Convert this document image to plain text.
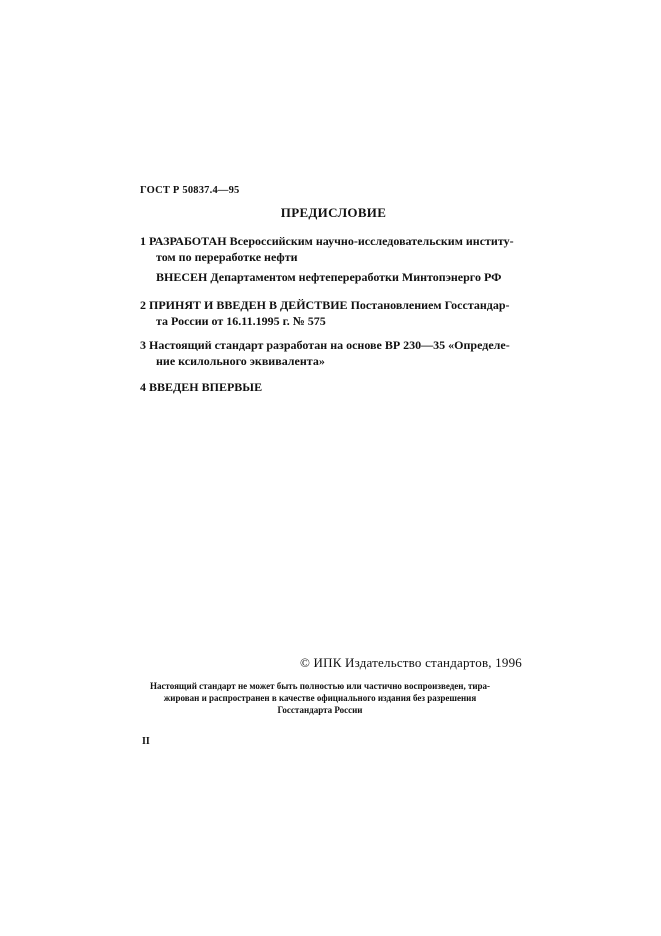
ГОСТ Р 50837.4—95
ПРЕДИСЛОВИЕ
1 РАЗРАБОТАН Всероссийским научно-исследовательским институ-
том по переработке нефти
ВНЕСЕН Департаментом нефтепереработки Минтопэнерго РФ
2 ПРИНЯТ И ВВЕДЕН В ДЕЙСТВИЕ Постановлением Госстандар-
та России от 16.11.1995 г. № 575
3 Настоящий стандарт разработан на основе ВР 230—35 «Определе-
ние ксилольного эквивалента»
4 ВВЕДЕН ВПЕРВЫЕ
© ИПК Издательство стандартов, 1996
Настоящий стандарт не может быть полностью или частично воспроизведен, тира-
жирован и распространен в качестве официального издания без разрешения
Госстандарта России
II
